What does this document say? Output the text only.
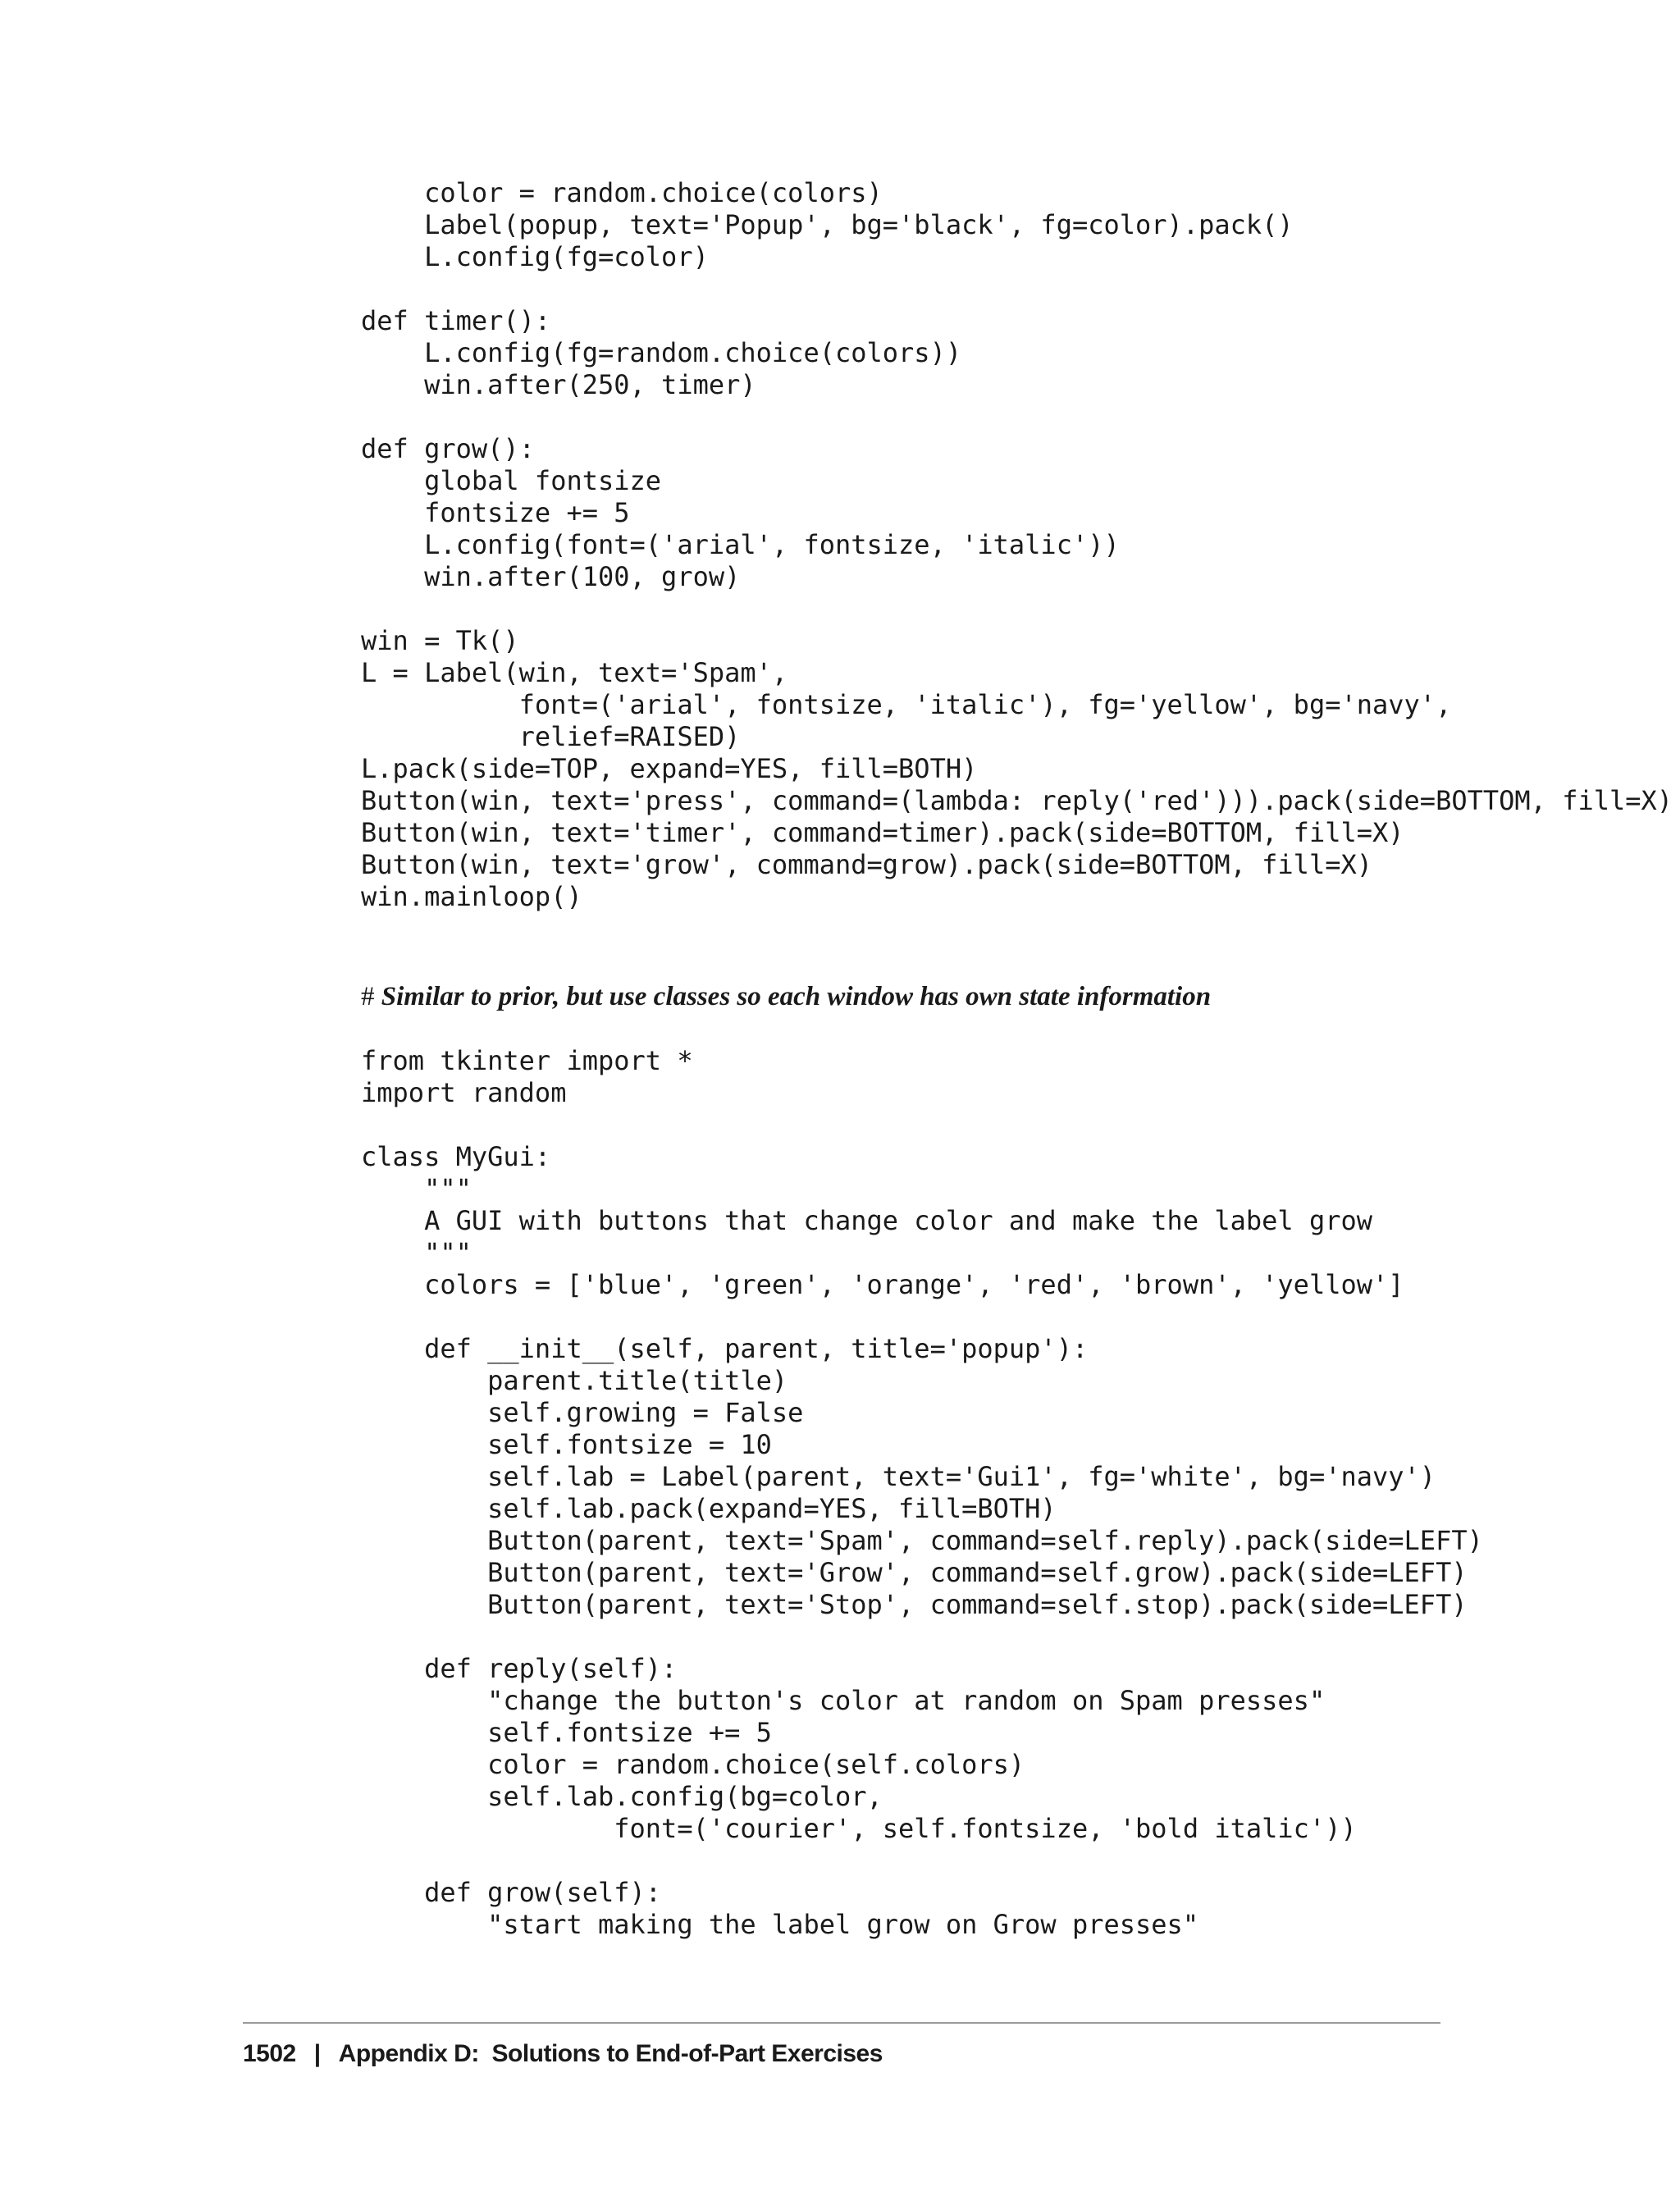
color = random.choice(colors)
Label(popup, text='Popup', bg='black', fg=color).pack()
L.config(fg=color)
def timer():
L.config(fg=random.choice(colors))
win.after(250, timer)
def grow():
global fontsize
fontsize += 5
L.config(font=('arial', fontsize, 'italic'))
win.after(100, grow)
win = Tk()
L = Label(win, text='Spam',
font=('arial', fontsize, 'italic'), fg='yellow', bg='navy',
relief=RAISED)
L.pack(side=TOP, expand=YES, fill=BOTH)
Button(win, text='press', command=(lambda: reply('red'))).pack(side=BOTTOM, fill=X)
Button(win, text='timer', command=timer).pack(side=BOTTOM, fill=X)
Button(win, text='grow', command=grow).pack(side=BOTTOM, fill=X)
win.mainloop()
# Similar to prior, but use classes so each window has own state information
from tkinter import *
import random
class MyGui:
"""
A GUI with buttons that change color and make the label grow
"""
colors = ['blue', 'green', 'orange', 'red', 'brown', 'yellow']
def __init__(self, parent, title='popup'):
parent.title(title)
self.growing = False
self.fontsize = 10
self.lab = Label(parent, text='Gui1', fg='white', bg='navy')
self.lab.pack(expand=YES, fill=BOTH)
Button(parent, text='Spam', command=self.reply).pack(side=LEFT)
Button(parent, text='Grow', command=self.grow).pack(side=LEFT)
Button(parent, text='Stop', command=self.stop).pack(side=LEFT)
def reply(self):
"change the button's color at random on Spam presses"
self.fontsize += 5
color = random.choice(self.colors)
self.lab.config(bg=color,
font=('courier', self.fontsize, 'bold italic'))
def grow(self):
"start making the label grow on Grow presses"
1502 | Appendix D:  Solutions to End-of-Part Exercises
